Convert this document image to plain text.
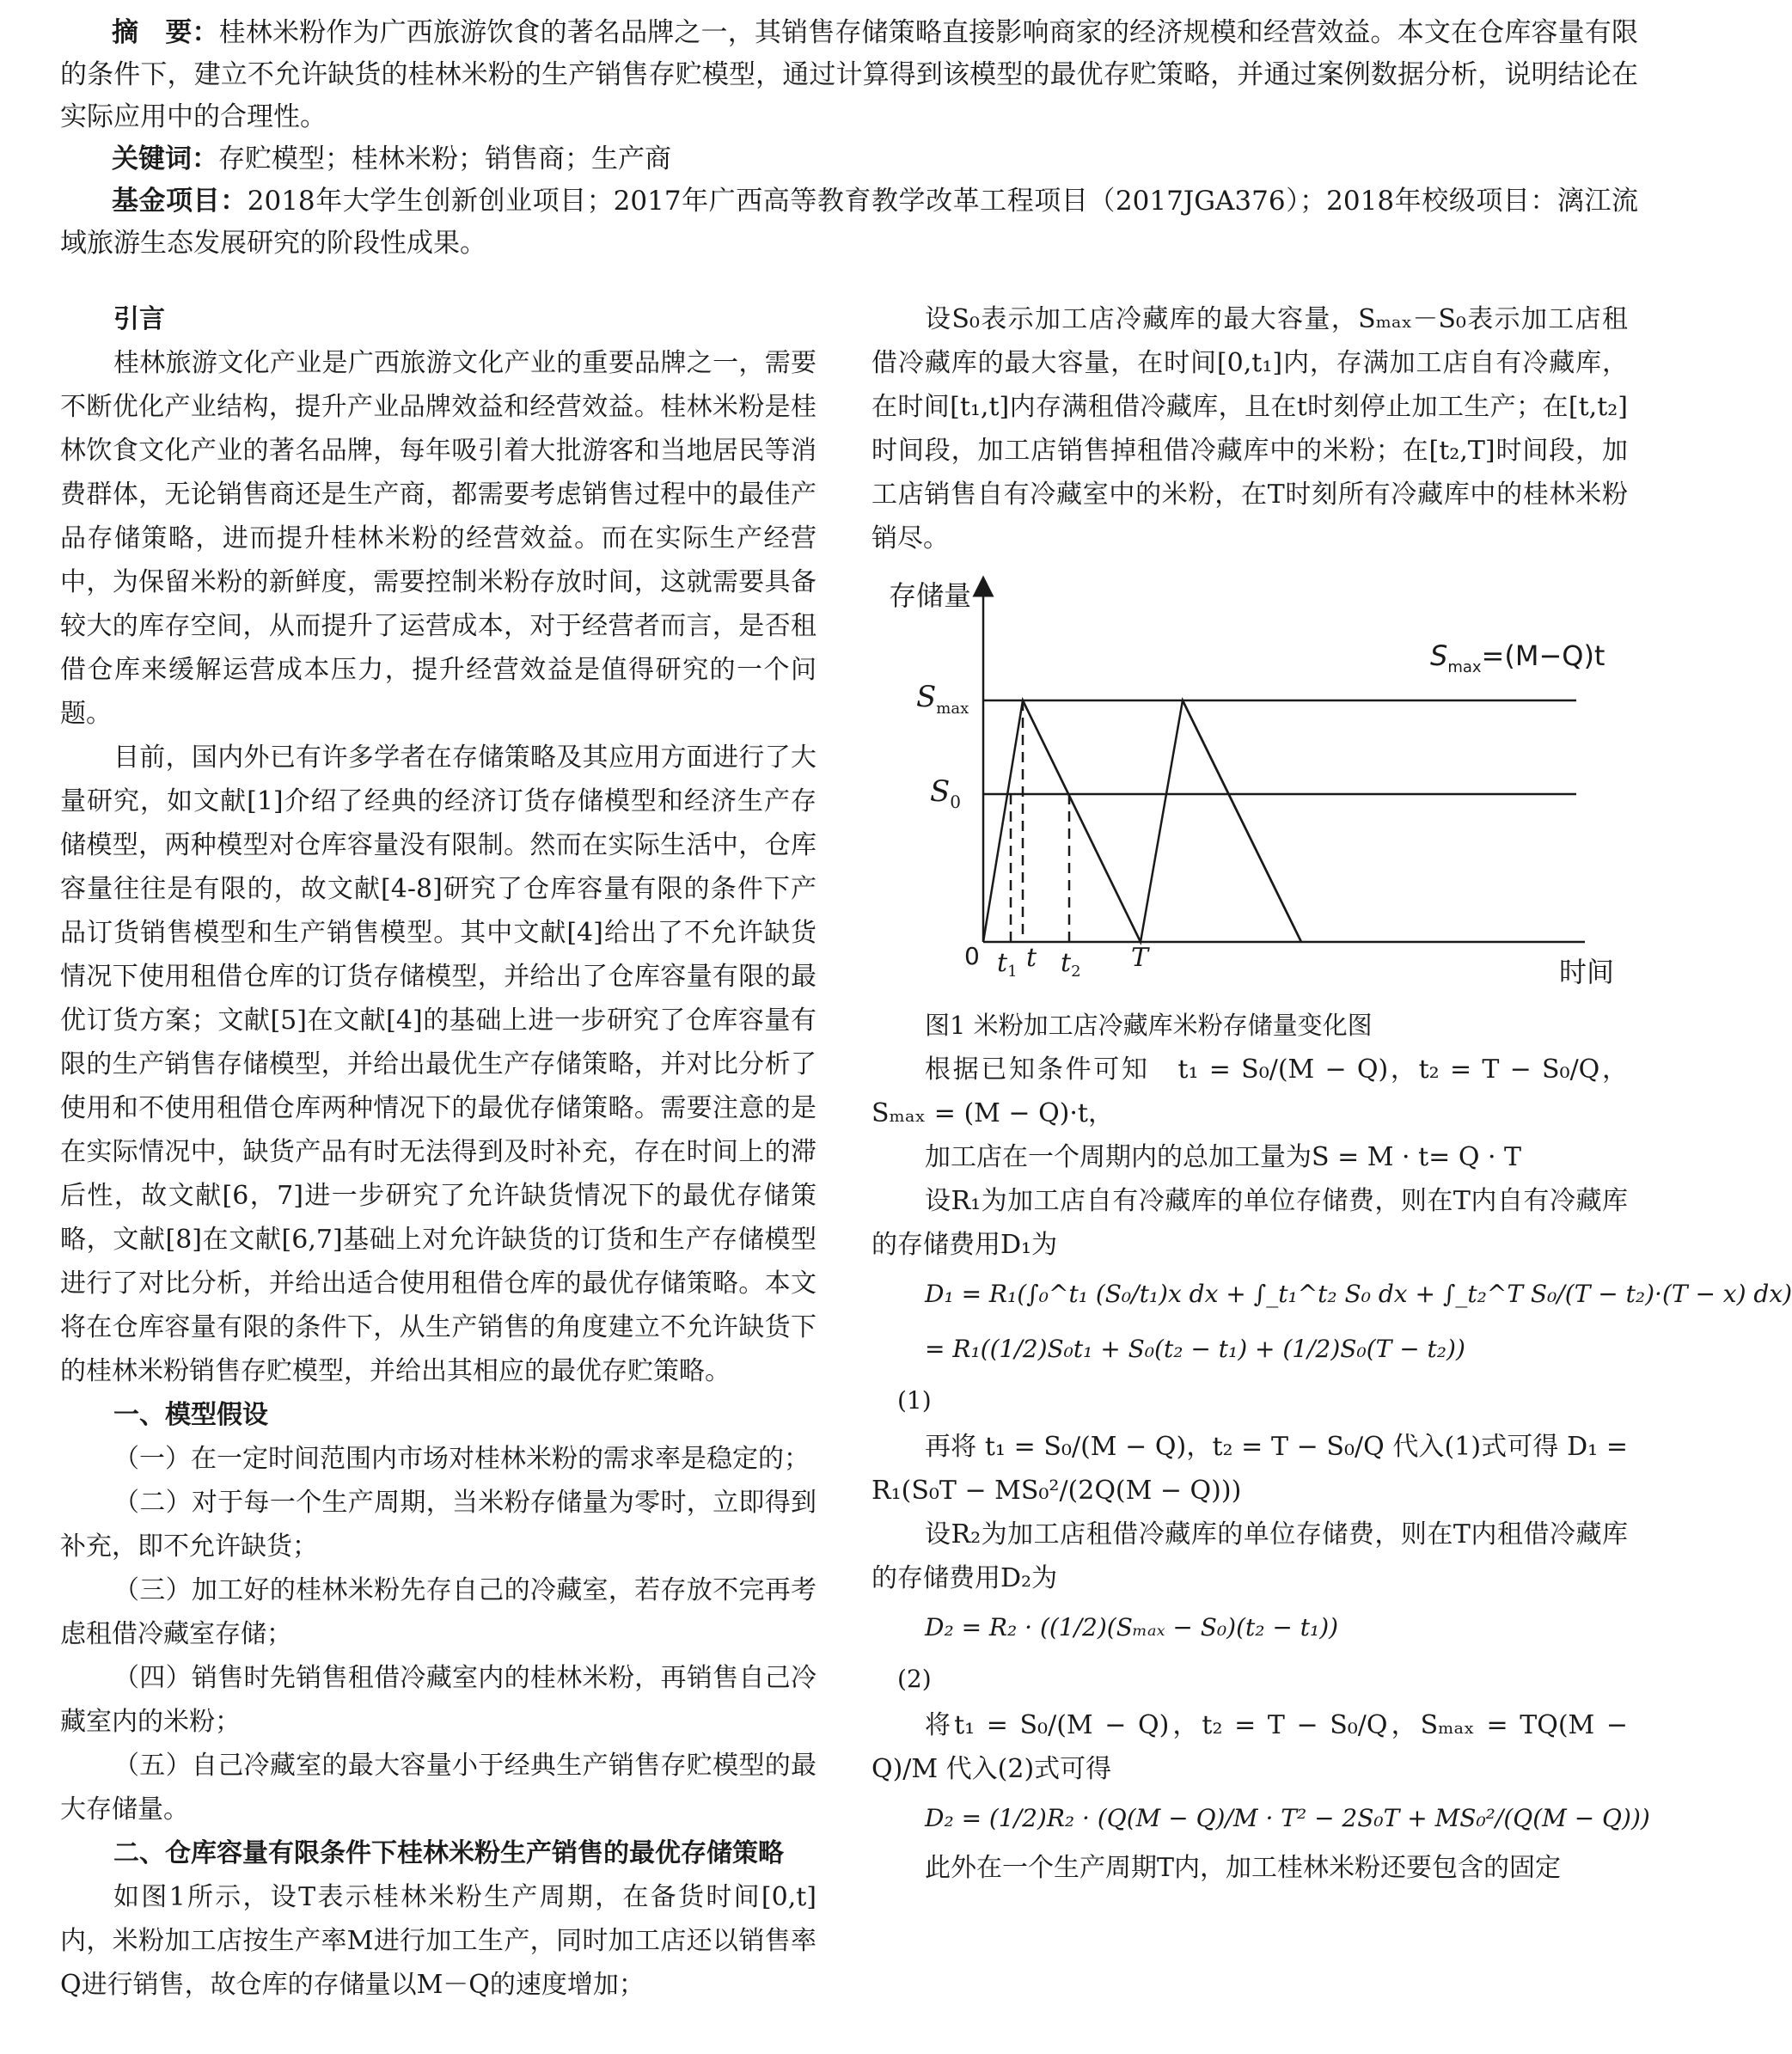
摘　要：桂林米粉作为广西旅游饮食的著名品牌之一，其销售存储策略直接影响商家的经济规模和经营效益。本文在仓库容量有限的条件下，建立不允许缺货的桂林米粉的生产销售存贮模型，通过计算得到该模型的最优存贮策略，并通过案例数据分析，说明结论在实际应用中的合理性。

关键词：存贮模型；桂林米粉；销售商；生产商

基金项目：2018年大学生创新创业项目；2017年广西高等教育教学改革工程项目（2017JGA376）；2018年校级项目：漓江流域旅游生态发展研究的阶段性成果。

引言

桂林旅游文化产业是广西旅游文化产业的重要品牌之一，需要不断优化产业结构，提升产业品牌效益和经营效益。桂林米粉是桂林饮食文化产业的著名品牌，每年吸引着大批游客和当地居民等消费群体，无论销售商还是生产商，都需要考虑销售过程中的最佳产品存储策略，进而提升桂林米粉的经营效益。而在实际生产经营中，为保留米粉的新鲜度，需要控制米粉存放时间，这就需要具备较大的库存空间，从而提升了运营成本，对于经营者而言，是否租借仓库来缓解运营成本压力，提升经营效益是值得研究的一个问题。

目前，国内外已有许多学者在存储策略及其应用方面进行了大量研究，如文献[1]介绍了经典的经济订货存储模型和经济生产存储模型，两种模型对仓库容量没有限制。然而在实际生活中，仓库容量往往是有限的，故文献[4-8]研究了仓库容量有限的条件下产品订货销售模型和生产销售模型。其中文献[4]给出了不允许缺货情况下使用租借仓库的订货存储模型，并给出了仓库容量有限的最优订货方案；文献[5]在文献[4]的基础上进一步研究了仓库容量有限的生产销售存储模型，并给出最优生产存储策略，并对比分析了使用和不使用租借仓库两种情况下的最优存储策略。需要注意的是在实际情况中，缺货产品有时无法得到及时补充，存在时间上的滞后性，故文献[6，7]进一步研究了允许缺货情况下的最优存储策略，文献[8]在文献[6,7]基础上对允许缺货的订货和生产存储模型进行了对比分析，并给出适合使用租借仓库的最优存储策略。本文将在仓库容量有限的条件下，从生产销售的角度建立不允许缺货下的桂林米粉销售存贮模型，并给出其相应的最优存贮策略。

一、模型假设

（一）在一定时间范围内市场对桂林米粉的需求率是稳定的；

（二）对于每一个生产周期，当米粉存储量为零时，立即得到补充，即不允许缺货；

（三）加工好的桂林米粉先存自己的冷藏室，若存放不完再考虑租借冷藏室存储；

（四）销售时先销售租借冷藏室内的桂林米粉，再销售自己冷藏室内的米粉；

（五）自己冷藏室的最大容量小于经典生产销售存贮模型的最大存储量。

二、仓库容量有限条件下桂林米粉生产销售的最优存储策略

如图1所示，设T表示桂林米粉生产周期，在备货时间[0,t]内，米粉加工店按生产率M进行加工生产，同时加工店还以销售率Q进行销售，故仓库的存储量以M－Q的速度增加；

设S₀表示加工店冷藏库的最大容量，Sₘₐₓ－S₀表示加工店租借冷藏库的最大容量，在时间[0,t₁]内，存满加工店自有冷藏库，在时间[t₁,t]内存满租借冷藏库，且在t时刻停止加工生产；在[t,t₂]时间段，加工店销售掉租借冷藏库中的米粉；在[t₂,T]时间段，加工店销售自有冷藏室中的米粉，在T时刻所有冷藏库中的桂林米粉销尽。

存储量
时间
0
$S_{max}$
$S_0$
$t_1$ t $t_2$ T
$S_{max}=(M-Q)t$

图1 米粉加工店冷藏库米粉存储量变化图

根据已知条件可知　t₁ = S₀/(M − Q)，t₂ = T − S₀/Q，Sₘₐₓ = (M − Q)·t，

加工店在一个周期内的总加工量为S = M · t= Q · T

设R₁为加工店自有冷藏库的单位存储费，则在T内自有冷藏库的存储费用D₁为

D₁ = R₁(∫₀^t₁ (S₀/t₁)x dx + ∫_t₁^t₂ S₀ dx + ∫_t₂^T S₀/(T − t₂)·(T − x) dx)
= R₁((1/2)S₀t₁ + S₀(t₂ − t₁) + (1/2)S₀(T − t₂))
(1)

再将 t₁ = S₀/(M − Q)，t₂ = T − S₀/Q 代入(1)式可得 D₁ = R₁(S₀T − MS₀²/(2Q(M − Q)))

设R₂为加工店租借冷藏库的单位存储费，则在T内租借冷藏库的存储费用D₂为

D₂ = R₂ · ((1/2)(Sₘₐₓ − S₀)(t₂ − t₁))
(2)

将t₁ = S₀/(M − Q)，t₂ = T − S₀/Q，Sₘₐₓ = TQ(M − Q)/M 代入(2)式可得

D₂ = (1/2)R₂ · (Q(M − Q)/M · T² − 2S₀T + MS₀²/(Q(M − Q)))

此外在一个生产周期T内，加工桂林米粉还要包含的固定
